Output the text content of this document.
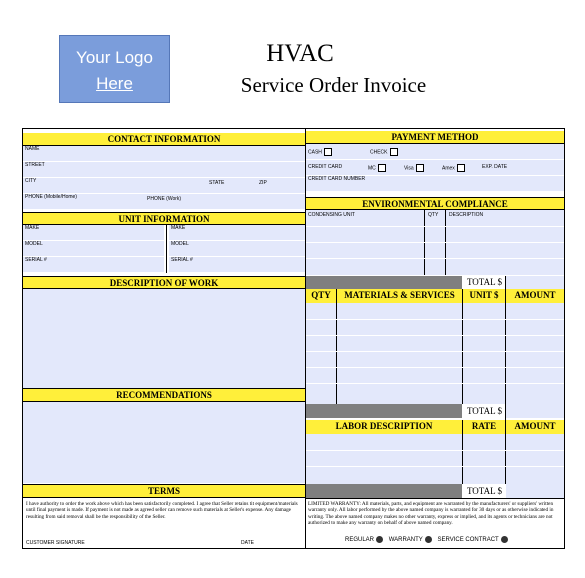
Your Logo
Here
HVAC
Service Order Invoice
CONTACT INFORMATION
NAME
STREET
CITY	STATE	ZIP
PHONE (Mobile/Home)	PHONE (Work)
UNIT INFORMATION
MAKE	MAKE
MODEL	MODEL
SERIAL #	SERIAL #
DESCRIPTION OF WORK
RECOMMENDATIONS
TERMS
I have authority to order the work above which has been satisfactorily completed. I agree that Seller retains tit equipment/materials until final payment is made. If payment is not made as agreed seller can remove such materials at Seller's expense. Any damage resulting from said removal shall be the responsibility of the Seller.
CUSTOMER SIGNATURE	DATE
PAYMENT METHOD
CASH	CHECK
CREDIT CARD	MC	Visa	Amex	EXP. DATE
CREDIT CARD NUMBER
ENVIRONMENTAL COMPLIANCE
CONDENSING UNIT	QTY DESCRIPTION
TOTAL $
QTY	MATERIALS & SERVICES	UNIT $	AMOUNT
TOTAL $
LABOR DESCRIPTION	RATE	AMOUNT
TOTAL $
LIMITED WARRANTY: All materials, parts, and equipment are warranted by the manufacturers' or suppliers' written warranty only. All labor performed by the above named company is warranted for 30 days or as otherwise indicated in writing. The above named company makes no other warranty, express or implied, and its agents or technicians are not authorized to make any warranty on behalf of above named company.
REGULAR WARRANTY SERVICE CONTRACT
